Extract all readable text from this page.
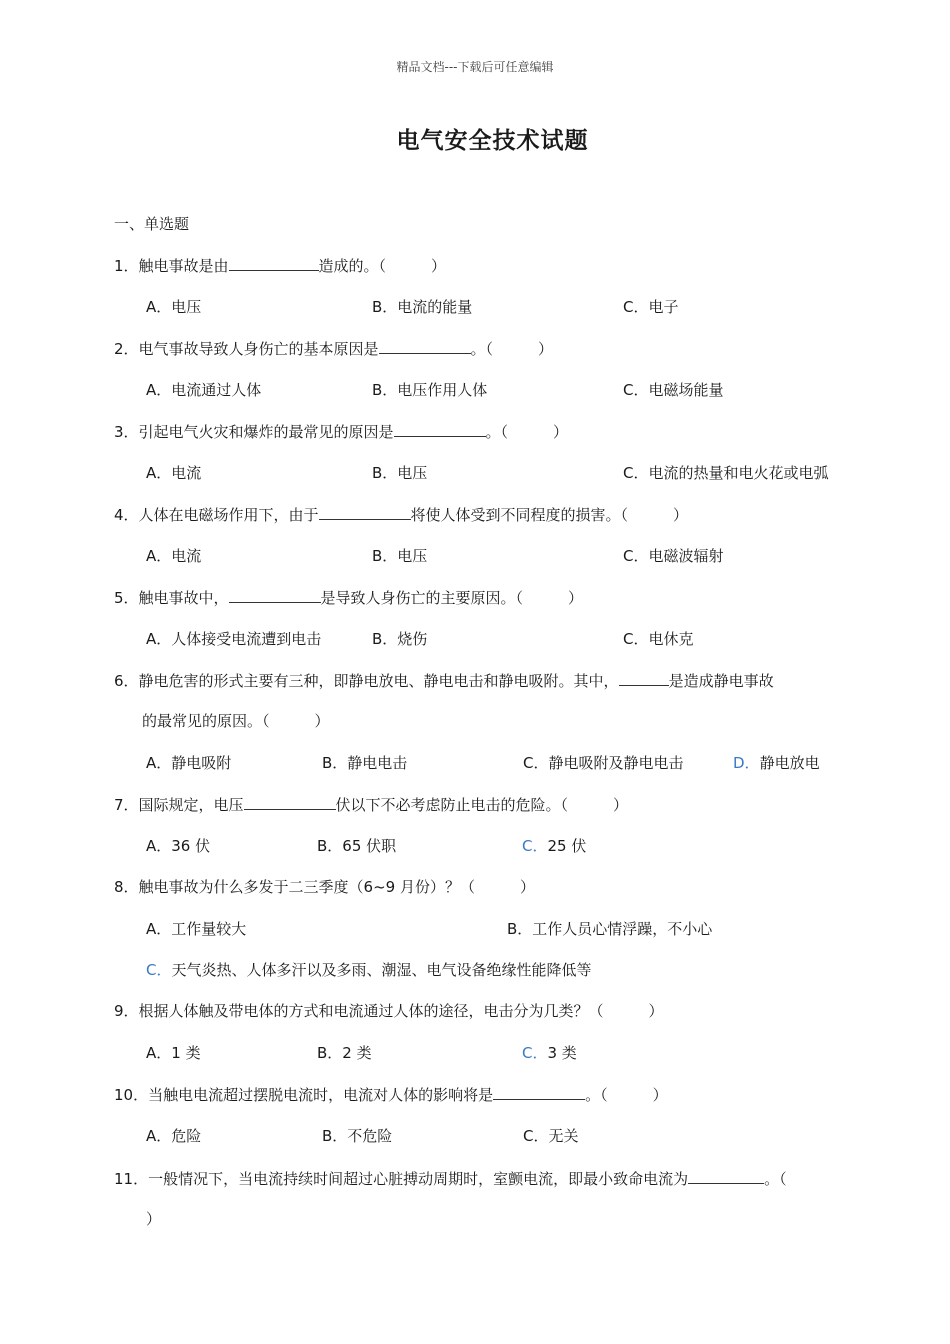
精品文档---下载后可任意编辑
电气安全技术试题
一、单选题
1．触电事故是由	造成的。（　　　）
A．电压	B．电流的能量	C．电子
2．电气事故导致人身伤亡的基本原因是	。（　　　）
A．电流通过人体	B．电压作用人体	C．电磁场能量
3．引起电气火灾和爆炸的最常见的原因是	。（　　　）
A．电流	B．电压	C．电流的热量和电火花或电弧
4．人体在电磁场作用下，由于	将使人体受到不同程度的损害。（　　　）
A．电流	B．电压	C．电磁波辐射
5．触电事故中，	是导致人身伤亡的主要原因。（　　　）
A．人体接受电流遭到电击	B．烧伤	C．电休克
6．静电危害的形式主要有三种，即静电放电、静电电击和静电吸附。其中，	是造成静电事故
的最常见的原因。（　　　）
A．静电吸附	B．静电电击	C．静电吸附及静电电击	D．静电放电
7．国际规定，电压	伏以下不必考虑防止电击的危险。（　　　）
A．36 伏	B．65 伏职	C．25 伏
8．触电事故为什么多发于二三季度（6~9 月份）？（　　　）
A．工作量较大	B．工作人员心情浮躁，不小心
C．天气炎热、人体多汗以及多雨、潮湿、电气设备绝缘性能降低等
9．根据人体触及带电体的方式和电流通过人体的途径，电击分为几类？（　　　）
A．1 类	B．2 类	C．3 类
10．当触电电流超过摆脱电流时，电流对人体的影响将是	。（　　　）
A．危险	B．不危险	C．无关
11．一般情况下，当电流持续时间超过心脏搏动周期时，室颤电流，即最小致命电流为	。（
）
